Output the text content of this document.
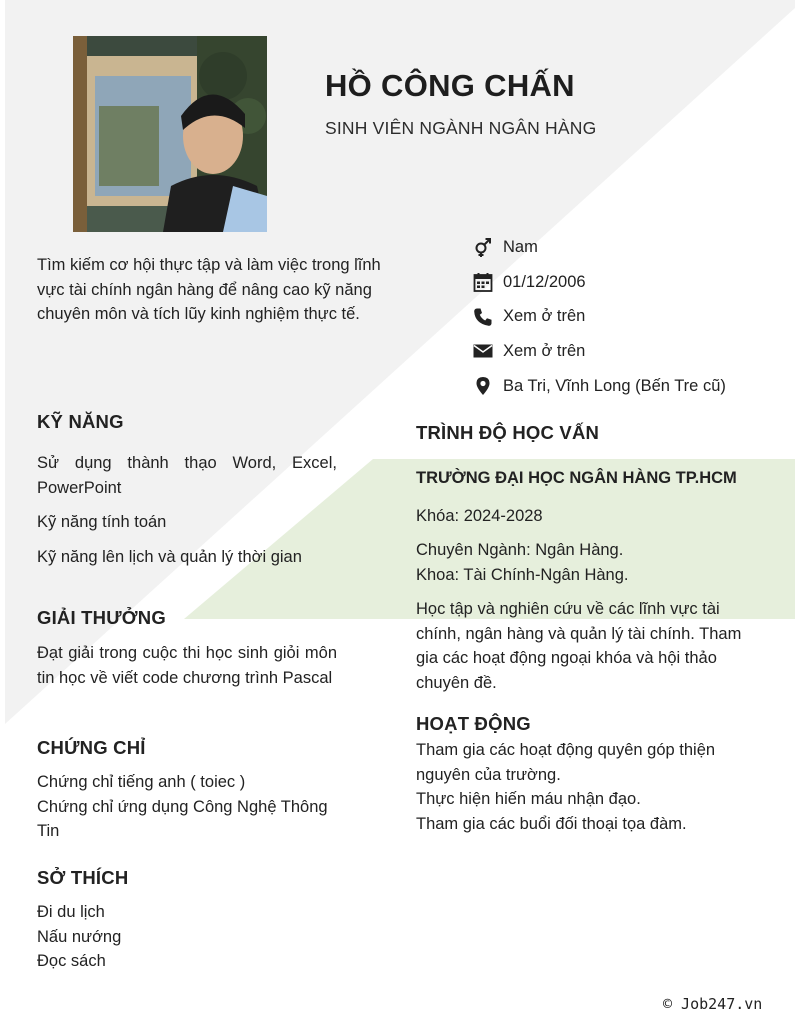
HỒ CÔNG CHẤN
SINH VIÊN NGÀNH NGÂN HÀNG
Tìm kiếm cơ hội thực tập và làm việc trong lĩnh vực tài chính ngân hàng để nâng cao kỹ năng chuyên môn và tích lũy kinh nghiệm thực tế.
Nam
01/12/2006
Xem ở trên
Xem ở trên
Ba Tri, Vĩnh Long (Bến Tre cũ)
KỸ NĂNG
Sử dụng thành thạo Word, Excel, PowerPoint
Kỹ năng tính toán
Kỹ năng lên lịch và quản lý thời gian
GIẢI THƯỞNG
Đạt giải trong cuộc thi học sinh giỏi môn tin học về viết code chương trình Pascal
CHỨNG CHỈ
Chứng chỉ tiếng anh ( toiec )
Chứng chỉ ứng dụng Công Nghệ Thông Tin
SỞ THÍCH
Đi du lịch
Nấu nướng
Đọc sách
TRÌNH ĐỘ HỌC VẤN
TRƯỜNG ĐẠI HỌC NGÂN HÀNG TP.HCM
Khóa: 2024-2028
Chuyên Ngành: Ngân Hàng.
Khoa: Tài Chính-Ngân Hàng.
Học tập và nghiên cứu về các lĩnh vực tài chính, ngân hàng và quản lý tài chính. Tham gia các hoạt động ngoại khóa và hội thảo chuyên đề.
HOẠT ĐỘNG
Tham gia các hoạt động quyên góp thiện nguyên của trường.
Thực hiện hiến máu nhận đạo.
Tham gia các buổi đối thoại tọa đàm.
© Job247.vn
